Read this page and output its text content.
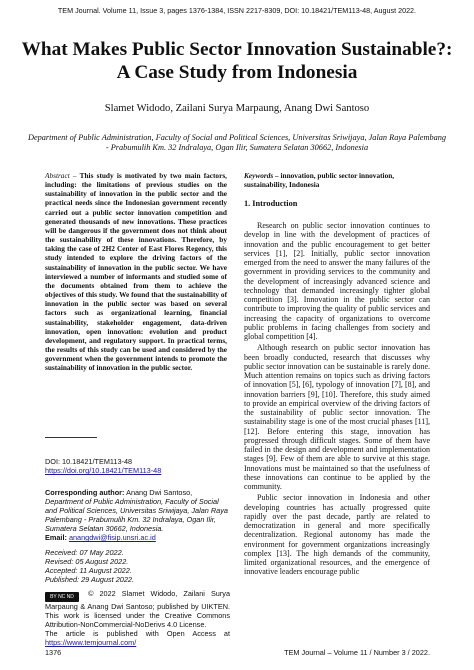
TEM Journal. Volume 11, Issue 3, pages 1376-1384, ISSN 2217-8309, DOI: 10.18421/TEM113-48, August 2022.
What Makes Public Sector Innovation Sustainable?: A Case Study from Indonesia
Slamet Widodo, Zailani Surya Marpaung, Anang Dwi Santoso
Department of Public Administration, Faculty of Social and Political Sciences, Universitas Sriwijaya, Jalan Raya Palembang - Prabumulih Km. 32 Indralaya, Ogan Ilir, Sumatera Selatan 30662, Indonesia
Abstract – This study is motivated by two main factors, including: the limitations of previous studies on the sustainability of innovation in the public sector and the practical needs since the Indonesian government recently carried out a public sector innovation competition and generated thousands of new innovations. These practices will be dangerous if the government does not think about the sustainability of these innovations. Therefore, by taking the case of 2H2 Center of East Flores Regency, this study intended to explore the driving factors of the sustainability of innovation in the public sector. We have interviewed a number of informants and studied some of the documents obtained from them to achieve the objectives of this study. We found that the sustainability of innovation in the public sector was based on several factors such as organizational learning, financial sustainability, stakeholder engagement, data-driven innovation, open innovation: evolution and product development, and regulatory support. In practical terms, the results of this study can be used and considered by the government when the government intends to promote the sustainability of innovation in the public sector.
DOI: 10.18421/TEM113-48
https://doi.org/10.18421/TEM113-48
Corresponding author: Anang Dwi Santoso,
Department of Public Administration, Faculty of Social and Political Sciences, Universitas Sriwijaya, Jalan Raya Palembang - Prabumulih Km. 32 Indralaya, Ogan Ilir, Sumatera Selatan 30662, Indonesia.
Email: anangdwi@fisip.unsri.ac.id
Received: 07 May 2022.
Revised: 05 August 2022.
Accepted: 11 August 2022.
Published: 29 August 2022.
BY NC ND © 2022 Slamet Widodo, Zailani Surya Marpaung & Anang Dwi Santoso; published by UIKTEN. This work is licensed under the Creative Commons Attribution-NonCommercial-NoDerivs 4.0 License.
The article is published with Open Access at https://www.temjournal.com/
Keywords – innovation, public sector innovation, sustainability, Indonesia
1. Introduction

Research on public sector innovation continues to develop in line with the development of practices of innovation and the public encouragement to get better services [1], [2]. Initially, public sector innovation emerged from the need to answer the many failures of the government in providing services to the community and the development of increasingly advanced science and technology that demanded increasingly tighter global competition [3]. Innovation in the public sector can contribute to improving the quality of public services and increasing the capacity of organizations to overcome public problems in facing challenges from society and global competition [4].

Although research on public sector innovation has been broadly conducted, research that discusses why public sector innovation can be sustainable is rarely done. Much attention remains on topics such as driving factors of innovation [5], [6], typology of innovation [7], [8], and innovation barriers [9], [10]. Therefore, this study aimed to provide an empirical overview of the driving factors of the sustainability of public sector innovation. The sustainability stage is one of the most crucial phases [11], [12]. Before entering this stage, innovation has progressed through difficult stages. Some of them have failed in the design and development and implementation stages [9]. Few of them are able to survive at this stage. Innovations must be maintained so that the usefulness of these innovations can continue to be applied by the community.

Public sector innovation in Indonesia and other developing countries has actually progressed quite rapidly over the past decade, partly are related to democratization in general and more specifically decentralization. Regional autonomy has made the environment for government organizations increasingly complex [13]. The high demands of the community, limited organizational resources, and the emergence of innovative leaders encourage public

1376	TEM Journal – Volume 11 / Number 3 / 2022.
